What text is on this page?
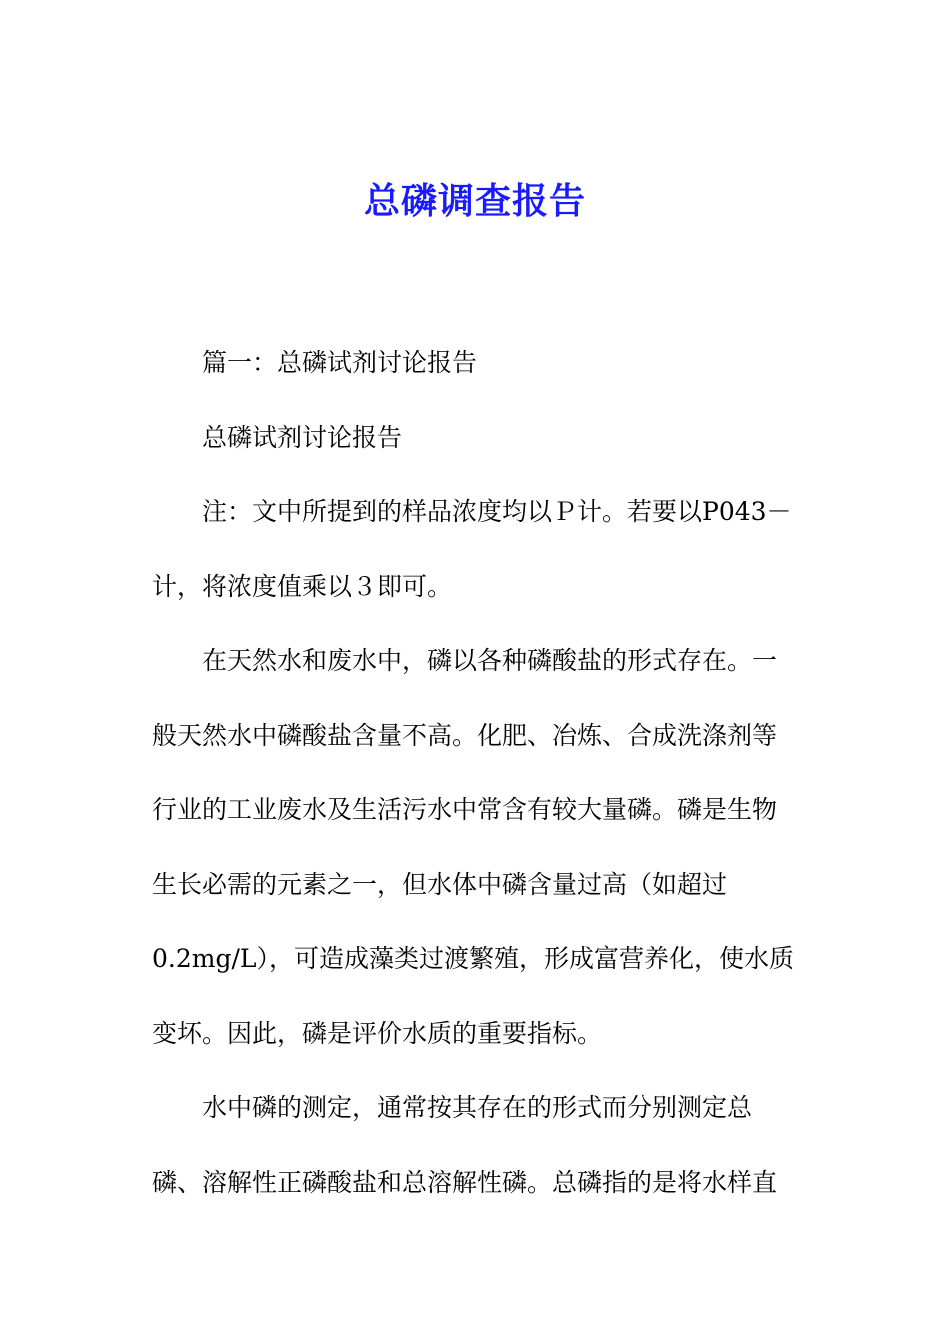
总磷调查报告

篇一：总磷试剂讨论报告

总磷试剂讨论报告

注：文中所提到的样品浓度均以Ｐ计。若要以P043－
计，将浓度值乘以３即可。

在天然水和废水中，磷以各种磷酸盐的形式存在。一
般天然水中磷酸盐含量不高。化肥、冶炼、合成洗涤剂等
行业的工业废水及生活污水中常含有较大量磷。磷是生物
生长必需的元素之一，但水体中磷含量过高（如超过
0.2mg/L），可造成藻类过渡繁殖，形成富营养化，使水质
变坏。因此，磷是评价水质的重要指标。

水中磷的测定，通常按其存在的形式而分别测定总
磷、溶解性正磷酸盐和总溶解性磷。总磷指的是将水样直
